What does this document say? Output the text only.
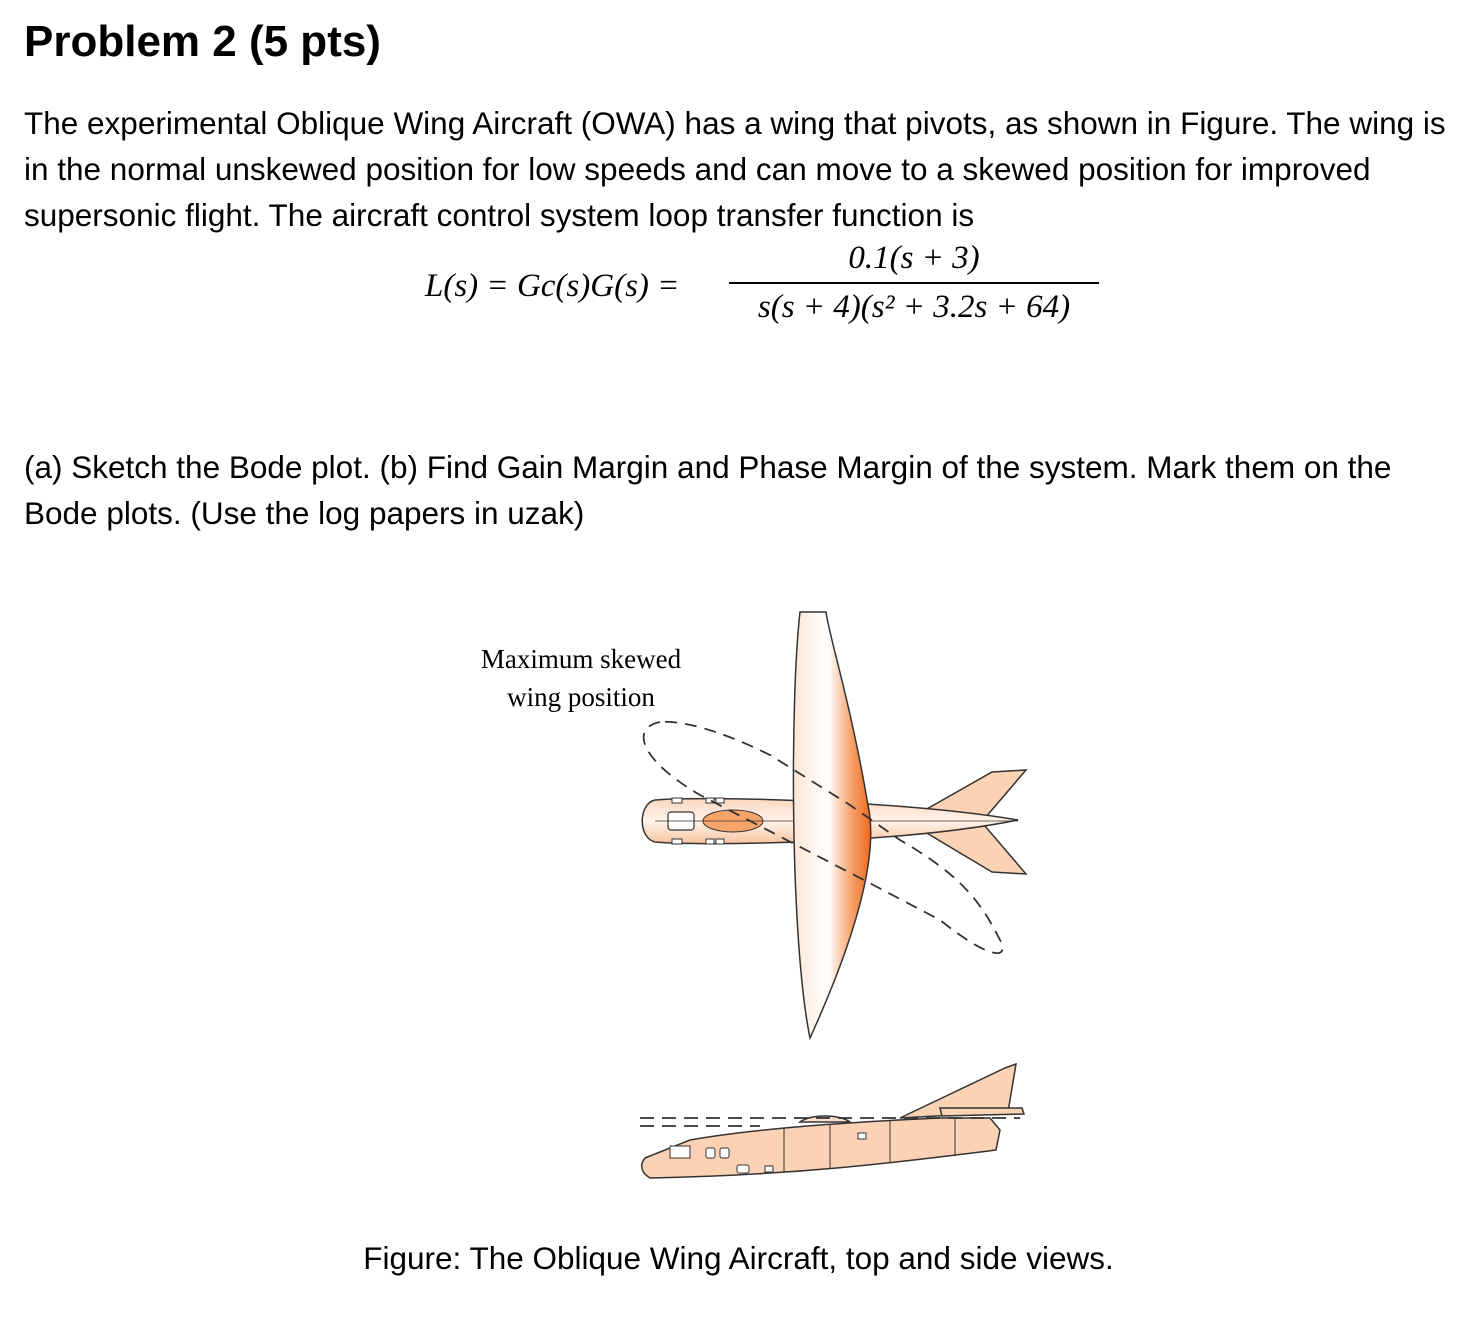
Problem 2 (5 pts)

The experimental Oblique Wing Aircraft (OWA) has a wing that pivots, as shown in Figure. The wing is in the normal unskewed position for low speeds and can move to a skewed position for improved supersonic flight. The aircraft control system loop transfer function is

L(s) = Gc(s)G(s) =
0.1(s + 3)
s(s + 4)(s² + 3.2s + 64)

(a) Sketch the Bode plot. (b) Find Gain Margin and Phase Margin of the system. Mark them on the Bode plots. (Use the log papers in uzak)

Maximum skewed
wing position
Figure: The Oblique Wing Aircraft, top and side views.
